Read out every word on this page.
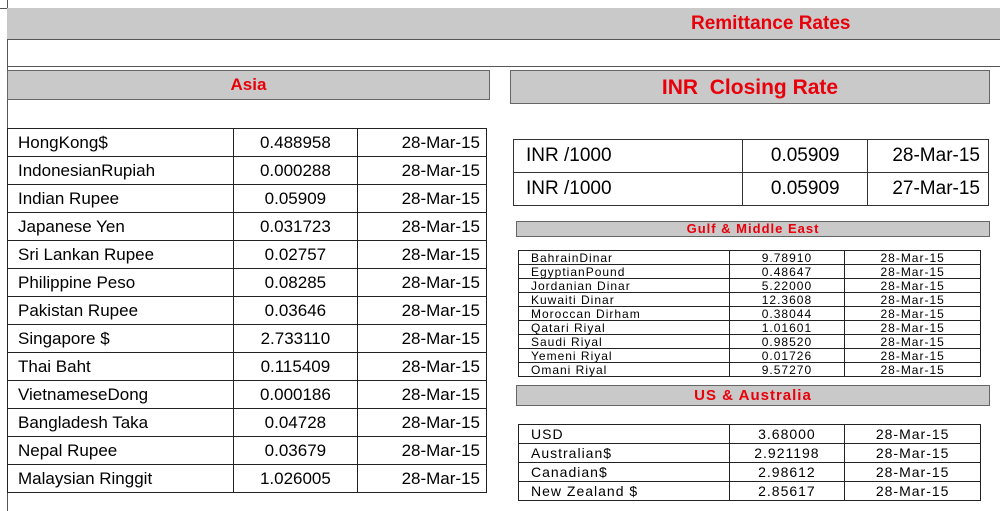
Remittance Rates
Asia
HongKong$	0.488958	28-Mar-15
IndonesianRupiah	0.000288	28-Mar-15
Indian Rupee	0.05909	28-Mar-15
Japanese Yen	0.031723	28-Mar-15
Sri Lankan Rupee	0.02757	28-Mar-15
Philippine Peso	0.08285	28-Mar-15
Pakistan Rupee	0.03646	28-Mar-15
Singapore $	2.733110	28-Mar-15
Thai Baht	0.115409	28-Mar-15
VietnameseDong	0.000186	28-Mar-15
Bangladesh Taka	0.04728	28-Mar-15
Nepal Rupee	0.03679	28-Mar-15
Malaysian Ringgit	1.026005	28-Mar-15
INR  Closing Rate
INR /1000	0.05909	28-Mar-15
INR /1000	0.05909	27-Mar-15
Gulf & Middle East
BahrainDinar	9.78910	28-Mar-15
EgyptianPound	0.48647	28-Mar-15
Jordanian Dinar	5.22000	28-Mar-15
Kuwaiti Dinar	12.3608	28-Mar-15
Moroccan Dirham	0.38044	28-Mar-15
Qatari Riyal	1.01601	28-Mar-15
Saudi Riyal	0.98520	28-Mar-15
Yemeni Riyal	0.01726	28-Mar-15
Omani Riyal	9.57270	28-Mar-15
US & Australia
USD	3.68000	28-Mar-15
Australian$	2.921198	28-Mar-15
Canadian$	2.98612	28-Mar-15
New Zealand $	2.85617	28-Mar-15
